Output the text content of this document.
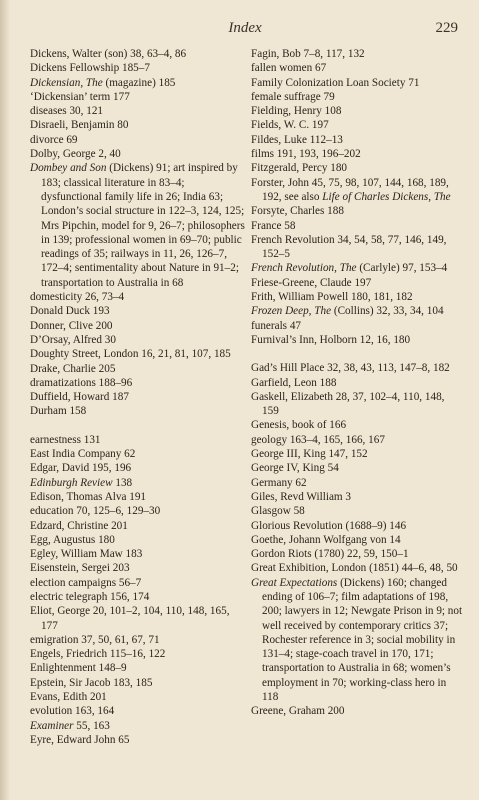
Index	229
Dickens, Walter (son) 38, 63–4, 86
Dickens Fellowship 185–7
Dickensian, The (magazine) 185
‘Dickensian’ term 177
diseases 30, 121
Disraeli, Benjamin 80
divorce 69
Dolby, George 2, 40
Dombey and Son (Dickens) 91; art inspired by 183; classical literature in 83–4; dysfunctional family life in 26; India 63; London’s social structure in 122–3, 124, 125; Mrs Pipchin, model for 9, 26–7; philosophers in 139; professional women in 69–70; public readings of 35; railways in 11, 26, 126–7, 172–4; sentimentality about Nature in 91–2; transportation to Australia in 68
domesticity 26, 73–4
Donald Duck 193
Donner, Clive 200
D’Orsay, Alfred 30
Doughty Street, London 16, 21, 81, 107, 185
Drake, Charlie 205
dramatizations 188–96
Duffield, Howard 187
Durham 158
earnestness 131
East India Company 62
Edgar, David 195, 196
Edinburgh Review 138
Edison, Thomas Alva 191
education 70, 125–6, 129–30
Edzard, Christine 201
Egg, Augustus 180
Egley, William Maw 183
Eisenstein, Sergei 203
election campaigns 56–7
electric telegraph 156, 174
Eliot, George 20, 101–2, 104, 110, 148, 165, 177
emigration 37, 50, 61, 67, 71
Engels, Friedrich 115–16, 122
Enlightenment 148–9
Epstein, Sir Jacob 183, 185
Evans, Edith 201
evolution 163, 164
Examiner 55, 163
Eyre, Edward John 65
Fagin, Bob 7–8, 117, 132
fallen women 67
Family Colonization Loan Society 71
female suffrage 79
Fielding, Henry 108
Fields, W. C. 197
Fildes, Luke 112–13
films 191, 193, 196–202
Fitzgerald, Percy 180
Forster, John 45, 75, 98, 107, 144, 168, 189, 192, see also Life of Charles Dickens, The
Forsyte, Charles 188
France 58
French Revolution 34, 54, 58, 77, 146, 149, 152–5
French Revolution, The (Carlyle) 97, 153–4
Friese-Greene, Claude 197
Frith, William Powell 180, 181, 182
Frozen Deep, The (Collins) 32, 33, 34, 104
funerals 47
Furnival’s Inn, Holborn 12, 16, 180
Gad’s Hill Place 32, 38, 43, 113, 147–8, 182
Garfield, Leon 188
Gaskell, Elizabeth 28, 37, 102–4, 110, 148, 159
Genesis, book of 166
geology 163–4, 165, 166, 167
George III, King 147, 152
George IV, King 54
Germany 62
Giles, Revd William 3
Glasgow 58
Glorious Revolution (1688–9) 146
Goethe, Johann Wolfgang von 14
Gordon Riots (1780) 22, 59, 150–1
Great Exhibition, London (1851) 44–6, 48, 50
Great Expectations (Dickens) 160; changed ending of 106–7; film adaptations of 198, 200; lawyers in 12; Newgate Prison in 9; not well received by contemporary critics 37; Rochester reference in 3; social mobility in 131–4; stage-coach travel in 170, 171; transportation to Australia in 68; women’s employment in 70; working-class hero in 118
Greene, Graham 200
